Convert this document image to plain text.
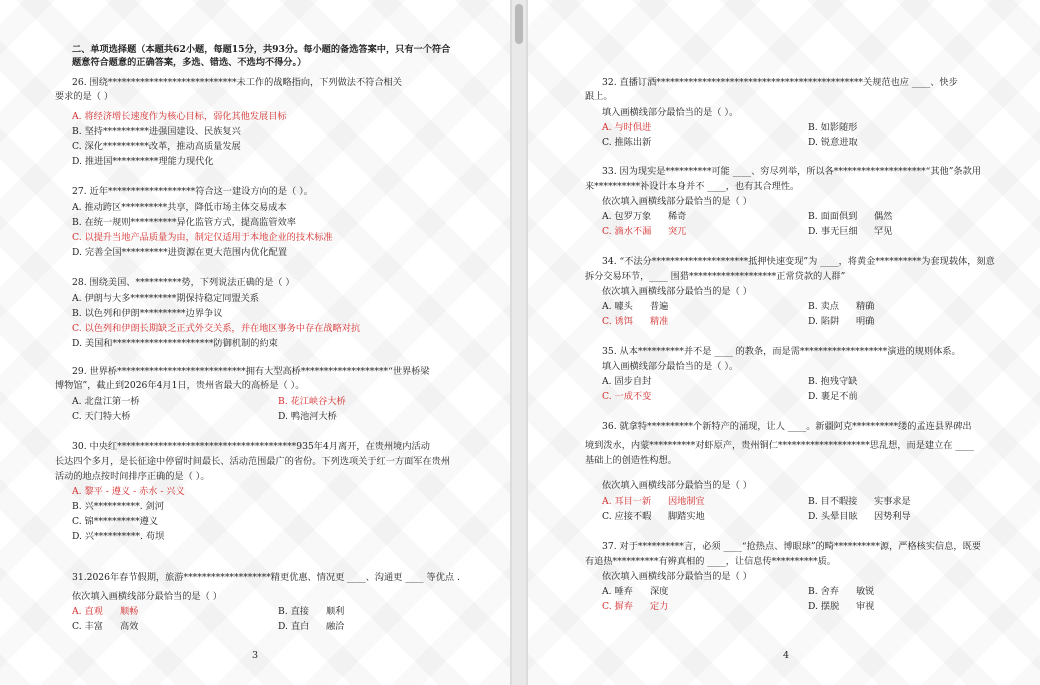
二、单项选择题（本题共62小题，每题15分，共93分。每小题的备选答案中，只有一个符合
题意符合题意的正确答案，多选、错选、不选均不得分。）
26. 围绕****************************未工作的战略指向，下列做法不符合相关
要求的是（ ）
A. 将经济增长速度作为核心目标，弱化其他发展目标
B. 坚持**********进强国建设、民族复兴
C. 深化**********改革，推动高质量发展
D. 推进国**********理能力现代化
27. 近年*******************符合这一建设方向的是（ ）。
A. 推动跨区**********共享，降低市场主体交易成本
B. 在统一规则**********异化监管方式，提高监管效率
C. 以提升当地产品质量为由，制定仅适用于本地企业的技术标准
D. 完善全国**********进资源在更大范围内优化配置
28. 围绕美国、**********势，下列说法正确的是（ ）
A. 伊朗与大多**********期保持稳定同盟关系
B. 以色列和伊朗**********边界争议
C. 以色列和伊朗长期缺乏正式外交关系，并在地区事务中存在战略对抗
D. 美国和**********************防御机制的約束
29. 世界桥****************************拥有大型高桥*******************“世界桥梁
博物馆”，截止到2026年4月1日，贵州省最大的高桥是（ ）。
A. 北盘江第一桥	B. 花江峡谷大桥
C. 天门特大桥	D. 鸭池河大桥
30. 中央红***************************************935年4月离开，在贵州境内活动
长达四个多月，是长征途中停留时间最长、活动范围最广的省份。下列选项关于红一方面军在贵州
活动的地点按时间排序正确的是（ ）。
A. 黎平 - 遵义 - 赤水 - 兴义
B. 兴**********. 剑河
C. 锦**********遵义
D. 兴**********. 苟坝
31.2026年春节假期，旅游*******************精更优惠、情况更 ____、沟通更 ____ 等优点 .
依次填入画横线部分最恰当的是（ ）
A. 直观 顺畅	B. 直接 顺利
C. 丰富 高效	D. 直白 融洽
3
32. 直播订酒*********************************************关规范也应 ____、快步
跟上。
填入画横线部分最恰当的是（ ）。
A. 与时俱进	B. 如影随形
C. 推陈出新	D. 锐意进取
33. 因为现实是**********可能 ____、穷尽列举，所以各********************“其他”条款用
来**********补设计本身并不 ____，也有其合理性。
依次填入画横线部分最恰当的是（ ）
A. 包罗万象 稀奇	B. 面面俱到 偶然
C. 滴水不漏 突兀	D. 事无巨细 罕见
34. “不法分*********************抵押快速变现”为 ____，将黄金**********为套现载体，刻意
拆分交易环节，____ 围猎*******************正常贷款的人群”
依次填入画横线部分最恰当的是（ ）
A. 噱头 普遍	B. 卖点 精确
C. 诱饵 精准	D. 陷阱 明确
35. 从本**********并不是 ____ 的教条，而是需*******************演进的规则体系。
填入画横线部分最恰当的是（ ）。
A. 固步自封	B. 抱残守缺
C. 一成不变	D. 裹足不前
36. 就拿特**********个新特产的涌现，让人 ____。新疆阿克**********缕的孟连县界碑出
境到泼水，内蒙**********对虾原产，贵州铜仁********************思乱想，而是建立在 ____
基础上的创造性构想。
依次填入画横线部分最恰当的是（ ）
A. 耳目一新 因地制宜	B. 目不暇接 实事求是
C. 应接不暇 脚踏实地	D. 头晕目眩 因势利导
37. 对于**********言，必须 ____“抢热点、博眼球”的畸**********源，严格核实信息，既要
有追热**********有辨真相的 ____，让信息传**********质。
依次填入画横线部分最恰当的是（ ）
A. 唾弃 深度	B. 舍弃 敏锐
C. 摒弃 定力	D. 摆脱 审视
4
